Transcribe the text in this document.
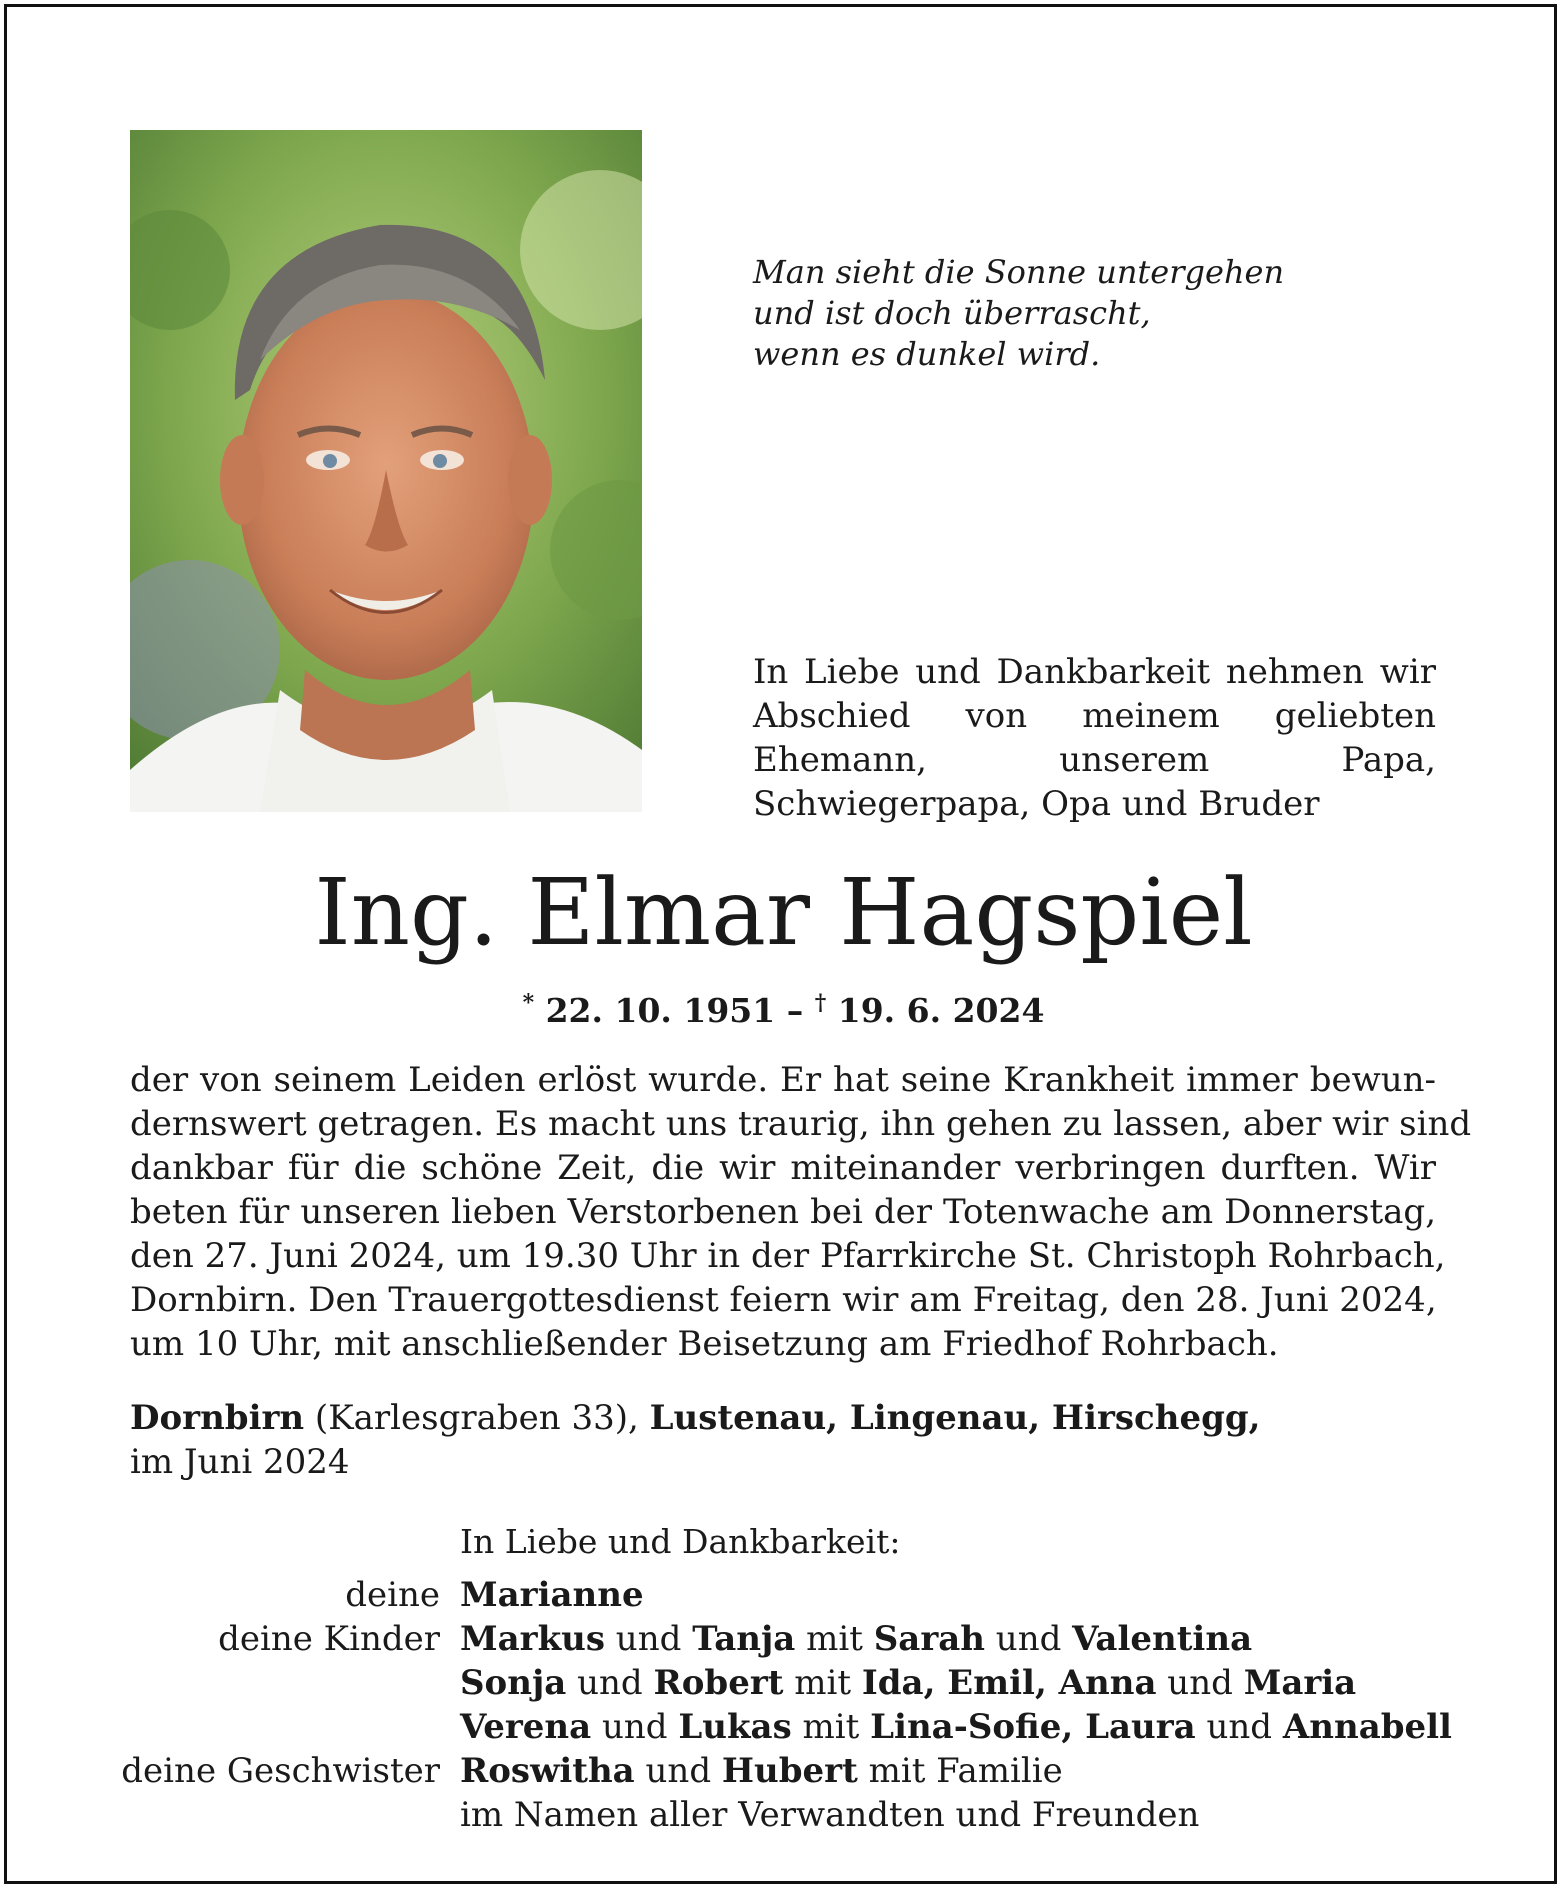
Man sieht die Sonne untergehen
und ist doch überrascht,
wenn es dunkel wird.
In Liebe und Dankbarkeit nehmen wir Abschied von meinem geliebten Ehemann, unserem Papa, Schwiegerpapa, Opa und Bruder
Ing. Elmar Hagspiel
* 22. 10. 1951 – † 19. 6. 2024
der von seinem Leiden erlöst wurde. Er hat seine Krankheit immer bewun-
dernswert getragen. Es macht uns traurig, ihn gehen zu lassen, aber wir sind
dankbar für die schöne Zeit, die wir miteinander verbringen durften. Wir
beten für unseren lieben Verstorbenen bei der Totenwache am Donnerstag,
den 27. Juni 2024, um 19.30 Uhr in der Pfarrkirche St. Christoph Rohrbach,
Dornbirn. Den Trauergottesdienst feiern wir am Freitag, den 28. Juni 2024,
um 10 Uhr, mit anschließender Beisetzung am Friedhof Rohrbach.
Dornbirn (Karlesgraben 33), Lustenau, Lingenau, Hirschegg,
im Juni 2024
In Liebe und Dankbarkeit:
deine Marianne
deine Kinder Markus und Tanja mit Sarah und Valentina
Sonja und Robert mit Ida, Emil, Anna und Maria
Verena und Lukas mit Lina-Sofie, Laura und Annabell
deine Geschwister Roswitha und Hubert mit Familie
im Namen aller Verwandten und Freunden
